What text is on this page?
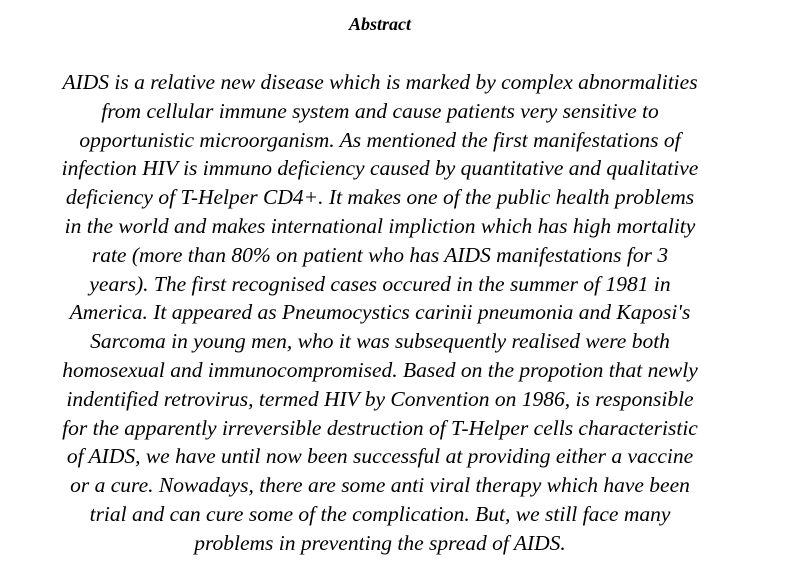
Abstract
AIDS is a relative new disease which is marked by complex abnormalities
from cellular immune system and cause patients very sensitive to
opportunistic microorganism. As mentioned the first manifestations of
infection HIV is immuno deficiency caused by quantitative and qualitative
deficiency of T-Helper CD4+. It makes one of the public health problems
in the world and makes international impliction which has high mortality
rate (more than 80% on patient who has AIDS manifestations for 3
years). The first recognised cases occured in the summer of 1981 in
America. It appeared as Pneumocystics carinii pneumonia and Kaposi's
Sarcoma in young men, who it was subsequently realised were both
homosexual and immunocompromised. Based on the propotion that newly
indentified retrovirus, termed HIV by Convention on 1986, is responsible
for the apparently irreversible destruction of T-Helper cells characteristic
of AIDS, we have until now been successful at providing either a vaccine
or a cure. Nowadays, there are some anti viral therapy which have been
trial and can cure some of the complication. But, we still face many
problems in preventing the spread of AIDS.
